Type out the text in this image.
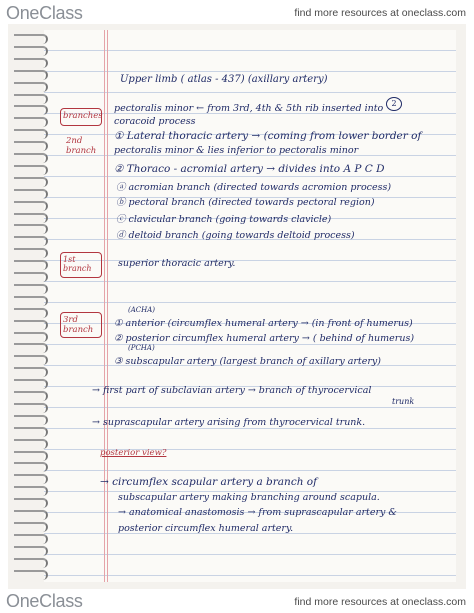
OneClass	find more resources at oneclass.com
Upper limb ( atlas - 437) (axillary artery)
2
pectoralis minor ← from 3rd, 4th & 5th rib inserted into
coracoid process
branches
2nd branch
① Lateral thoracic artery → (coming from lower border of
pectoralis minor & lies inferior to pectoralis minor
② Thoraco - acromial artery → divides into A P C D
ⓐ acromian branch (directed towards acromion process)
ⓑ pectoral branch (directed towards pectoral region)
ⓒ clavicular branch (going towards clavicle)
ⓓ deltoid branch (going towards deltoid process)
1st branch	superior thoracic artery.
3rd branch
(ACHA)
① anterior (circumflex humeral artery → (in front of humerus)
② posterior circumflex humeral artery → ( behind of humerus)
(PCHA)
③ subscapular artery (largest branch of axillary artery)
→ first part of subclavian artery → branch of thyrocervical
trunk
→ suprascapular artery arising from thyrocervical trunk.
posterior view?
→ circumflex scapular artery a branch of
subscapular artery making branching around scapula.
→ anatomical anastomosis → from suprascapular artery &
posterior circumflex humeral artery.
OneClass	find more resources at oneclass.com
